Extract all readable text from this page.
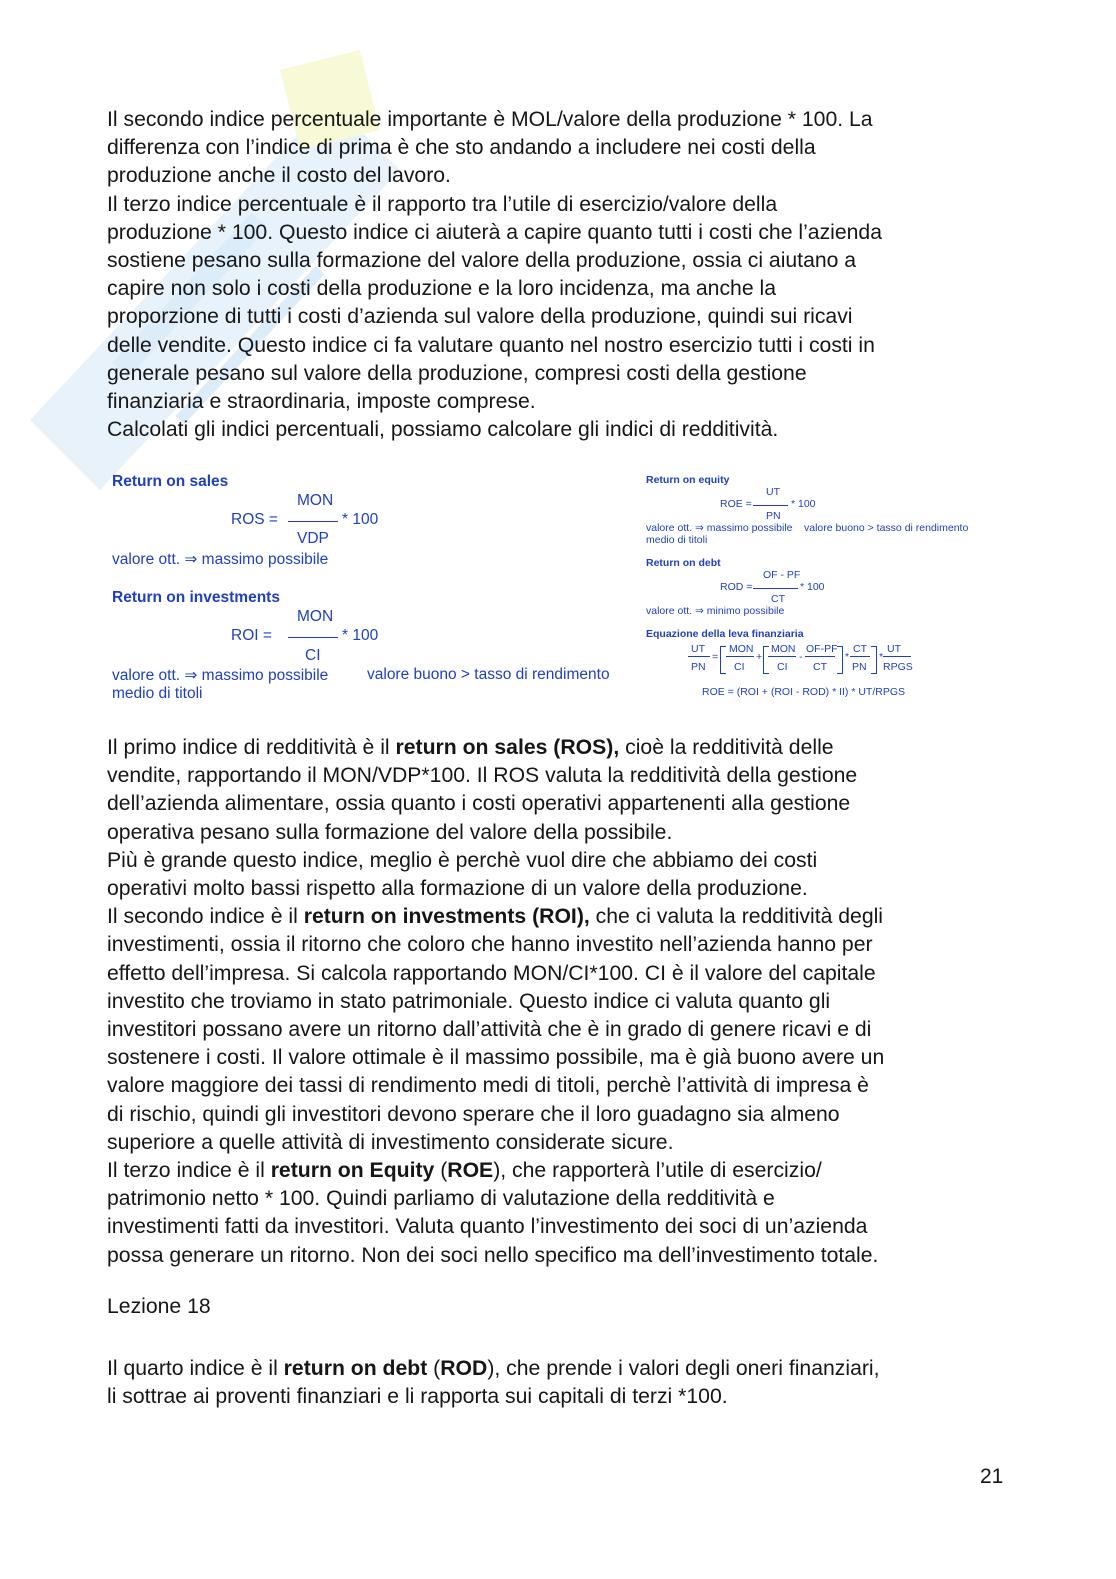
Il secondo indice percentuale importante è MOL/valore della produzione * 100. La

differenza con l’indice di prima è che sto andando a includere nei costi della

produzione anche il costo del lavoro.

Il terzo indice percentuale è il rapporto tra l’utile di esercizio/valore della

produzione * 100. Questo indice ci aiuterà a capire quanto tutti i costi che l’azienda

sostiene pesano sulla formazione del valore della produzione, ossia ci aiutano a

capire non solo i costi della produzione e la loro incidenza, ma anche la

proporzione di tutti i costi d’azienda sul valore della produzione, quindi sui ricavi

delle vendite. Questo indice ci fa valutare quanto nel nostro esercizio tutti i costi in

generale pesano sul valore della produzione, compresi costi della gestione

finanziaria e straordinaria, imposte comprese.

Calcolati gli indici percentuali, possiamo calcolare gli indici di redditività.

Return on sales
MON
ROS =	* 100
VDP
valore ott. ⇒ massimo possibile
Return on investments
MON
ROI =	* 100
CI
valore ott. ⇒ massimo possibile valore buono > tasso di rendimento
medio di titoli
Return on equity
UT
ROE =	* 100
PN
valore ott. ⇒ massimo possibile valore buono > tasso di rendimento
medio di titoli
Return on debt
OF - PF
ROD =	* 100
CT
valore ott. ⇒ minimo possibile
Equazione della leva finanziaria
UT
PN
=
MON
CI
+
MON
CI
-
OF-PF
CT
*
CT
PN
*
UT
RPGS
ROE = (ROI + (ROI - ROD) * II) * UT/RPGS

Il primo indice di redditività è il return on sales (ROS), cioè la redditività delle

vendite, rapportando il MON/VDP*100. Il ROS valuta la redditività della gestione

dell’azienda alimentare, ossia quanto i costi operativi appartenenti alla gestione

operativa pesano sulla formazione del valore della possibile.

Più è grande questo indice, meglio è perchè vuol dire che abbiamo dei costi

operativi molto bassi rispetto alla formazione di un valore della produzione.

Il secondo indice è il return on investments (ROI), che ci valuta la redditività degli

investimenti, ossia il ritorno che coloro che hanno investito nell’azienda hanno per

effetto dell’impresa. Si calcola rapportando MON/CI*100. CI è il valore del capitale

investito che troviamo in stato patrimoniale. Questo indice ci valuta quanto gli

investitori possano avere un ritorno dall’attività che è in grado di genere ricavi e di

sostenere i costi. Il valore ottimale è il massimo possibile, ma è già buono avere un

valore maggiore dei tassi di rendimento medi di titoli, perchè l’attività di impresa è

di rischio, quindi gli investitori devono sperare che il loro guadagno sia almeno

superiore a quelle attività di investimento considerate sicure.

Il terzo indice è il return on Equity (ROE), che rapporterà l’utile di esercizio/

patrimonio netto * 100. Quindi parliamo di valutazione della redditività e

investimenti fatti da investitori. Valuta quanto l’investimento dei soci di un’azienda

possa generare un ritorno. Non dei soci nello specifico ma dell’investimento totale.

Lezione 18

Il quarto indice è il return on debt (ROD), che prende i valori degli oneri finanziari,

li sottrae ai proventi finanziari e li rapporta sui capitali di terzi *100.

21
